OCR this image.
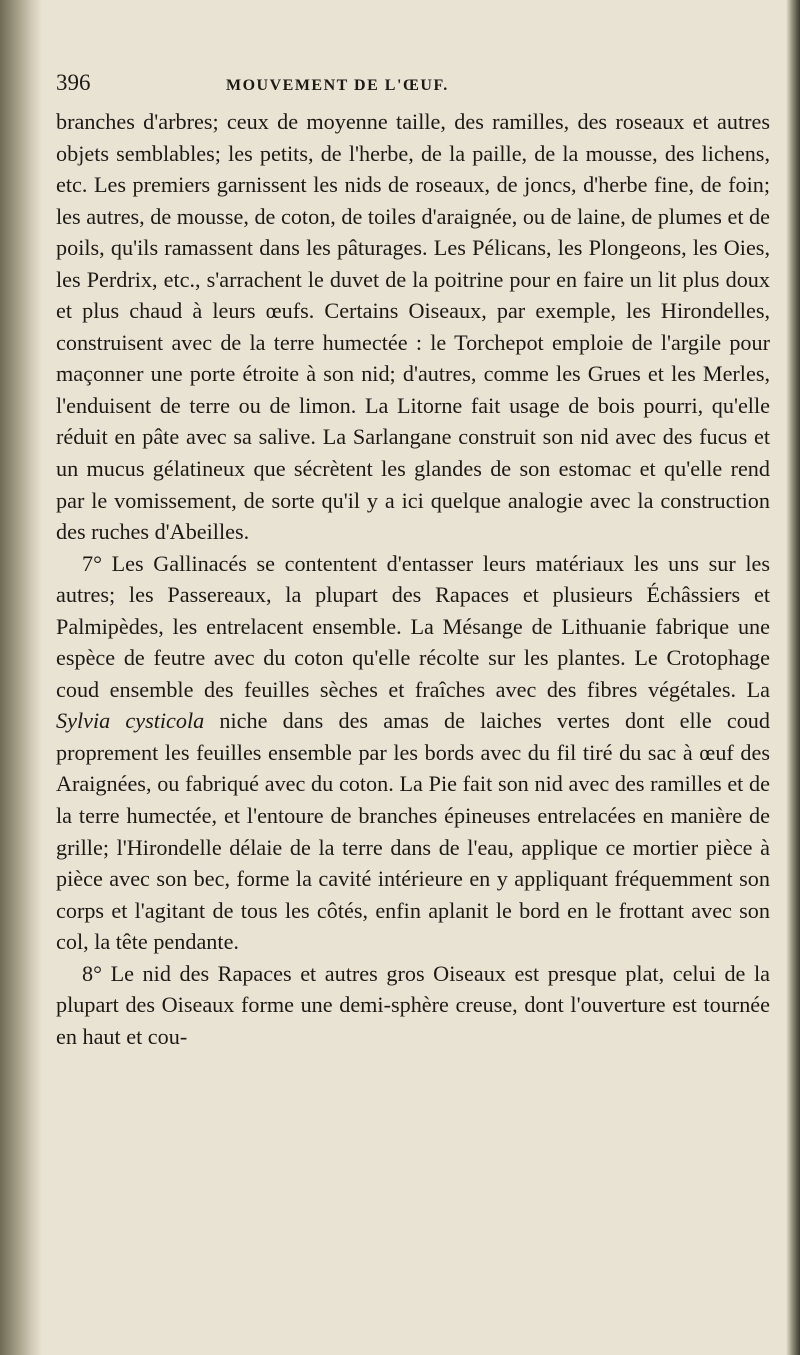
396	MOUVEMENT DE L'ŒUF.

branches d'arbres; ceux de moyenne taille, des ramilles, des roseaux et autres objets semblables; les petits, de l'herbe, de la paille, de la mousse, des lichens, etc. Les premiers garnissent les nids de roseaux, de joncs, d'herbe fine, de foin; les autres, de mousse, de coton, de toiles d'araignée, ou de laine, de plumes et de poils, qu'ils ramassent dans les pâturages. Les Pélicans, les Plongeons, les Oies, les Perdrix, etc., s'arrachent le duvet de la poitrine pour en faire un lit plus doux et plus chaud à leurs œufs. Certains Oiseaux, par exemple, les Hirondelles, construisent avec de la terre humectée : le Torchepot emploie de l'argile pour maçonner une porte étroite à son nid; d'autres, comme les Grues et les Merles, l'enduisent de terre ou de limon. La Litorne fait usage de bois pourri, qu'elle réduit en pâte avec sa salive. La Sarlangane construit son nid avec des fucus et un mucus gélatineux que sécrètent les glandes de son estomac et qu'elle rend par le vomissement, de sorte qu'il y a ici quelque analogie avec la construction des ruches d'Abeilles.

7° Les Gallinacés se contentent d'entasser leurs matériaux les uns sur les autres; les Passereaux, la plupart des Rapaces et plusieurs Échâssiers et Palmipèdes, les entrelacent ensemble. La Mésange de Lithuanie fabrique une espèce de feutre avec du coton qu'elle récolte sur les plantes. Le Crotophage coud ensemble des feuilles sèches et fraîches avec des fibres végétales. La Sylvia cysticola niche dans des amas de laiches vertes dont elle coud proprement les feuilles ensemble par les bords avec du fil tiré du sac à œuf des Araignées, ou fabriqué avec du coton. La Pie fait son nid avec des ramilles et de la terre humectée, et l'entoure de branches épineuses entrelacées en manière de grille; l'Hirondelle délaie de la terre dans de l'eau, applique ce mortier pièce à pièce avec son bec, forme la cavité intérieure en y appliquant fréquemment son corps et l'agitant de tous les côtés, enfin aplanit le bord en le frottant avec son col, la tête pendante.

8° Le nid des Rapaces et autres gros Oiseaux est presque plat, celui de la plupart des Oiseaux forme une demi-sphère creuse, dont l'ouverture est tournée en haut et cou-
